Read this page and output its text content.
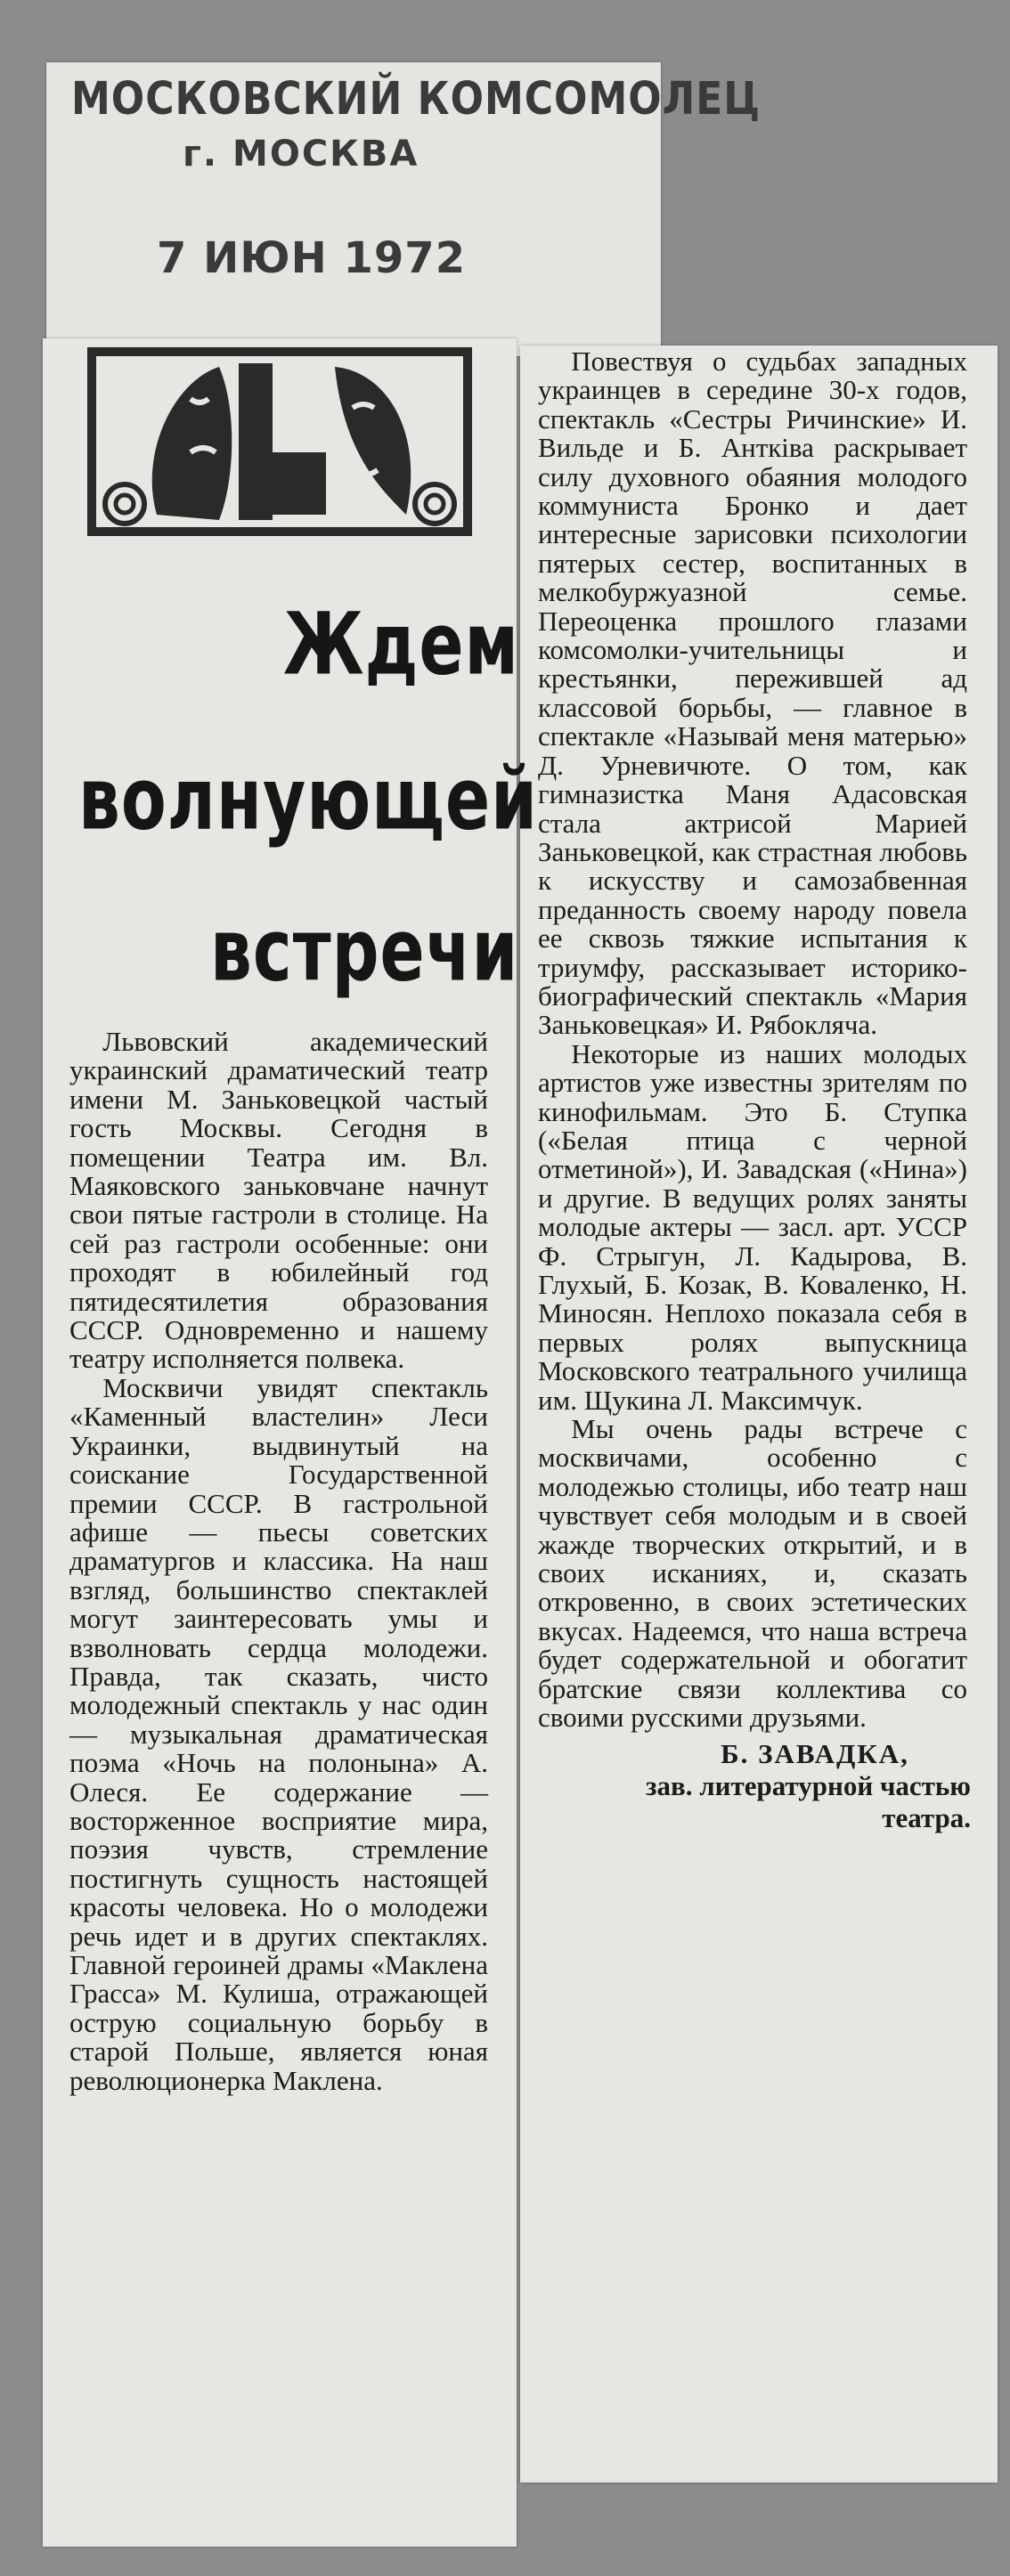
МОСКОВСКИЙ КОМСОМОЛЕЦ
г. МОСКВА
7 ИЮН 1972
Ждем
волнующей
встречи

Львовский академический украинский драматический театр имени М. Заньковецкой частый гость Москвы. Сегодня в помещении Театра им. Вл. Маяковского заньковчане начнут свои пятые гастроли в столице. На сей раз гастроли особенные: они проходят в юбилейный год пятидесятилетия образования СССР. Одновременно и нашему театру исполняется полвека.

Москвичи увидят спектакль «Каменный властелин» Леси Украинки, выдвинутый на соискание Государственной премии СССР. В гастрольной афише — пьесы советских драматургов и классика. На наш взгляд, большинство спектаклей могут заинтересовать умы и взволновать сердца молодежи. Правда, так сказать, чисто молодежный спектакль у нас один — музыкальная драматическая поэма «Ночь на полонына» А. Олеся. Ее содержание — восторженное восприятие мира, поэзия чувств, стремление постигнуть сущность настоящей красоты человека. Но о молодежи речь идет и в других спектаклях. Главной героиней драмы «Маклена Грасса» М. Кулиша, отражающей острую социальную борьбу в старой Польше, является юная революционерка Маклена.

Повествуя о судьбах западных украинцев в середине 30-х годов, спектакль «Сестры Ричинские» И. Вильде и Б. Антківа раскрывает силу духовного обаяния молодого коммуниста Бронко и дает интересные зарисовки психологии пятерых сестер, воспитанных в мелкобуржуазной семье. Переоценка прошлого глазами комсомолки-учительницы и крестьянки, пережившей ад классовой борьбы, — главное в спектакле «Называй меня матерью» Д. Урневичюте. О том, как гимназистка Маня Адасовская стала актрисой Марией Заньковецкой, как страстная любовь к искусству и самозабвенная преданность своему народу повела ее сквозь тяжкие испытания к триумфу, рассказывает историко-биографический спектакль «Мария Заньковецкая» И. Рябокляча.

Некоторые из наших молодых артистов уже известны зрителям по кинофильмам. Это Б. Ступка («Белая птица с черной отметиной»), И. Завадская («Нина») и другие. В ведущих ролях заняты молодые актеры — засл. арт. УССР Ф. Стрыгун, Л. Кадырова, В. Глухый, Б. Козак, В. Коваленко, Н. Миносян. Неплохо показала себя в первых ролях выпускница Московского театрального училища им. Щукина Л. Максимчук.

Мы очень рады встрече с москвичами, особенно с молодежью столицы, ибо театр наш чувствует себя молодым и в своей жажде творческих открытий, и в своих исканиях, и, сказать откровенно, в своих эстетических вкусах. Надеемся, что наша встреча будет содержательной и обогатит братские связи коллектива со своими русскими друзьями.

Б. ЗАВАДКА,
зав. литературной частью театра.
